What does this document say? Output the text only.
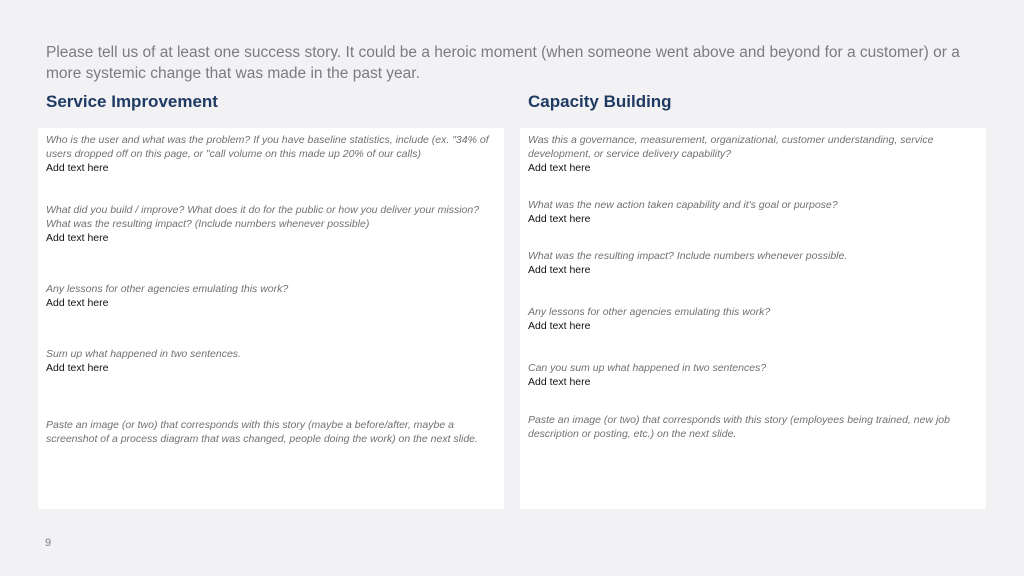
Please tell us of at least one success story. It could be a heroic moment (when someone went above and beyond for a customer) or a more systemic change that was made in the past year.
Service Improvement	Capacity Building
Who is the user and what was the problem? If you have baseline statistics, include (ex. "34% of users dropped off on this page, or "call volume on this made up 20% of our calls)
Add text here
What did you build / improve? What does it do for the public or how you deliver your mission? What was the resulting impact? (Include numbers whenever possible)
Add text here
Any lessons for other agencies emulating this work?
Add text here
Sum up what happened in two sentences.
Add text here
Paste an image (or two) that corresponds with this story (maybe a before/after, maybe a screenshot of a process diagram that was changed, people doing the work) on the next slide.
Was this a governance, measurement, organizational, customer understanding, service development, or service delivery capability?
Add text here
What was the new action taken capability and it's goal or purpose?
Add text here
What was the resulting impact? Include numbers whenever possible.
Add text here
Any lessons for other agencies emulating this work?
Add text here
Can you sum up what happened in two sentences?
Add text here
Paste an image (or two) that corresponds with this story (employees being trained, new job description or posting, etc.) on the next slide.
9
